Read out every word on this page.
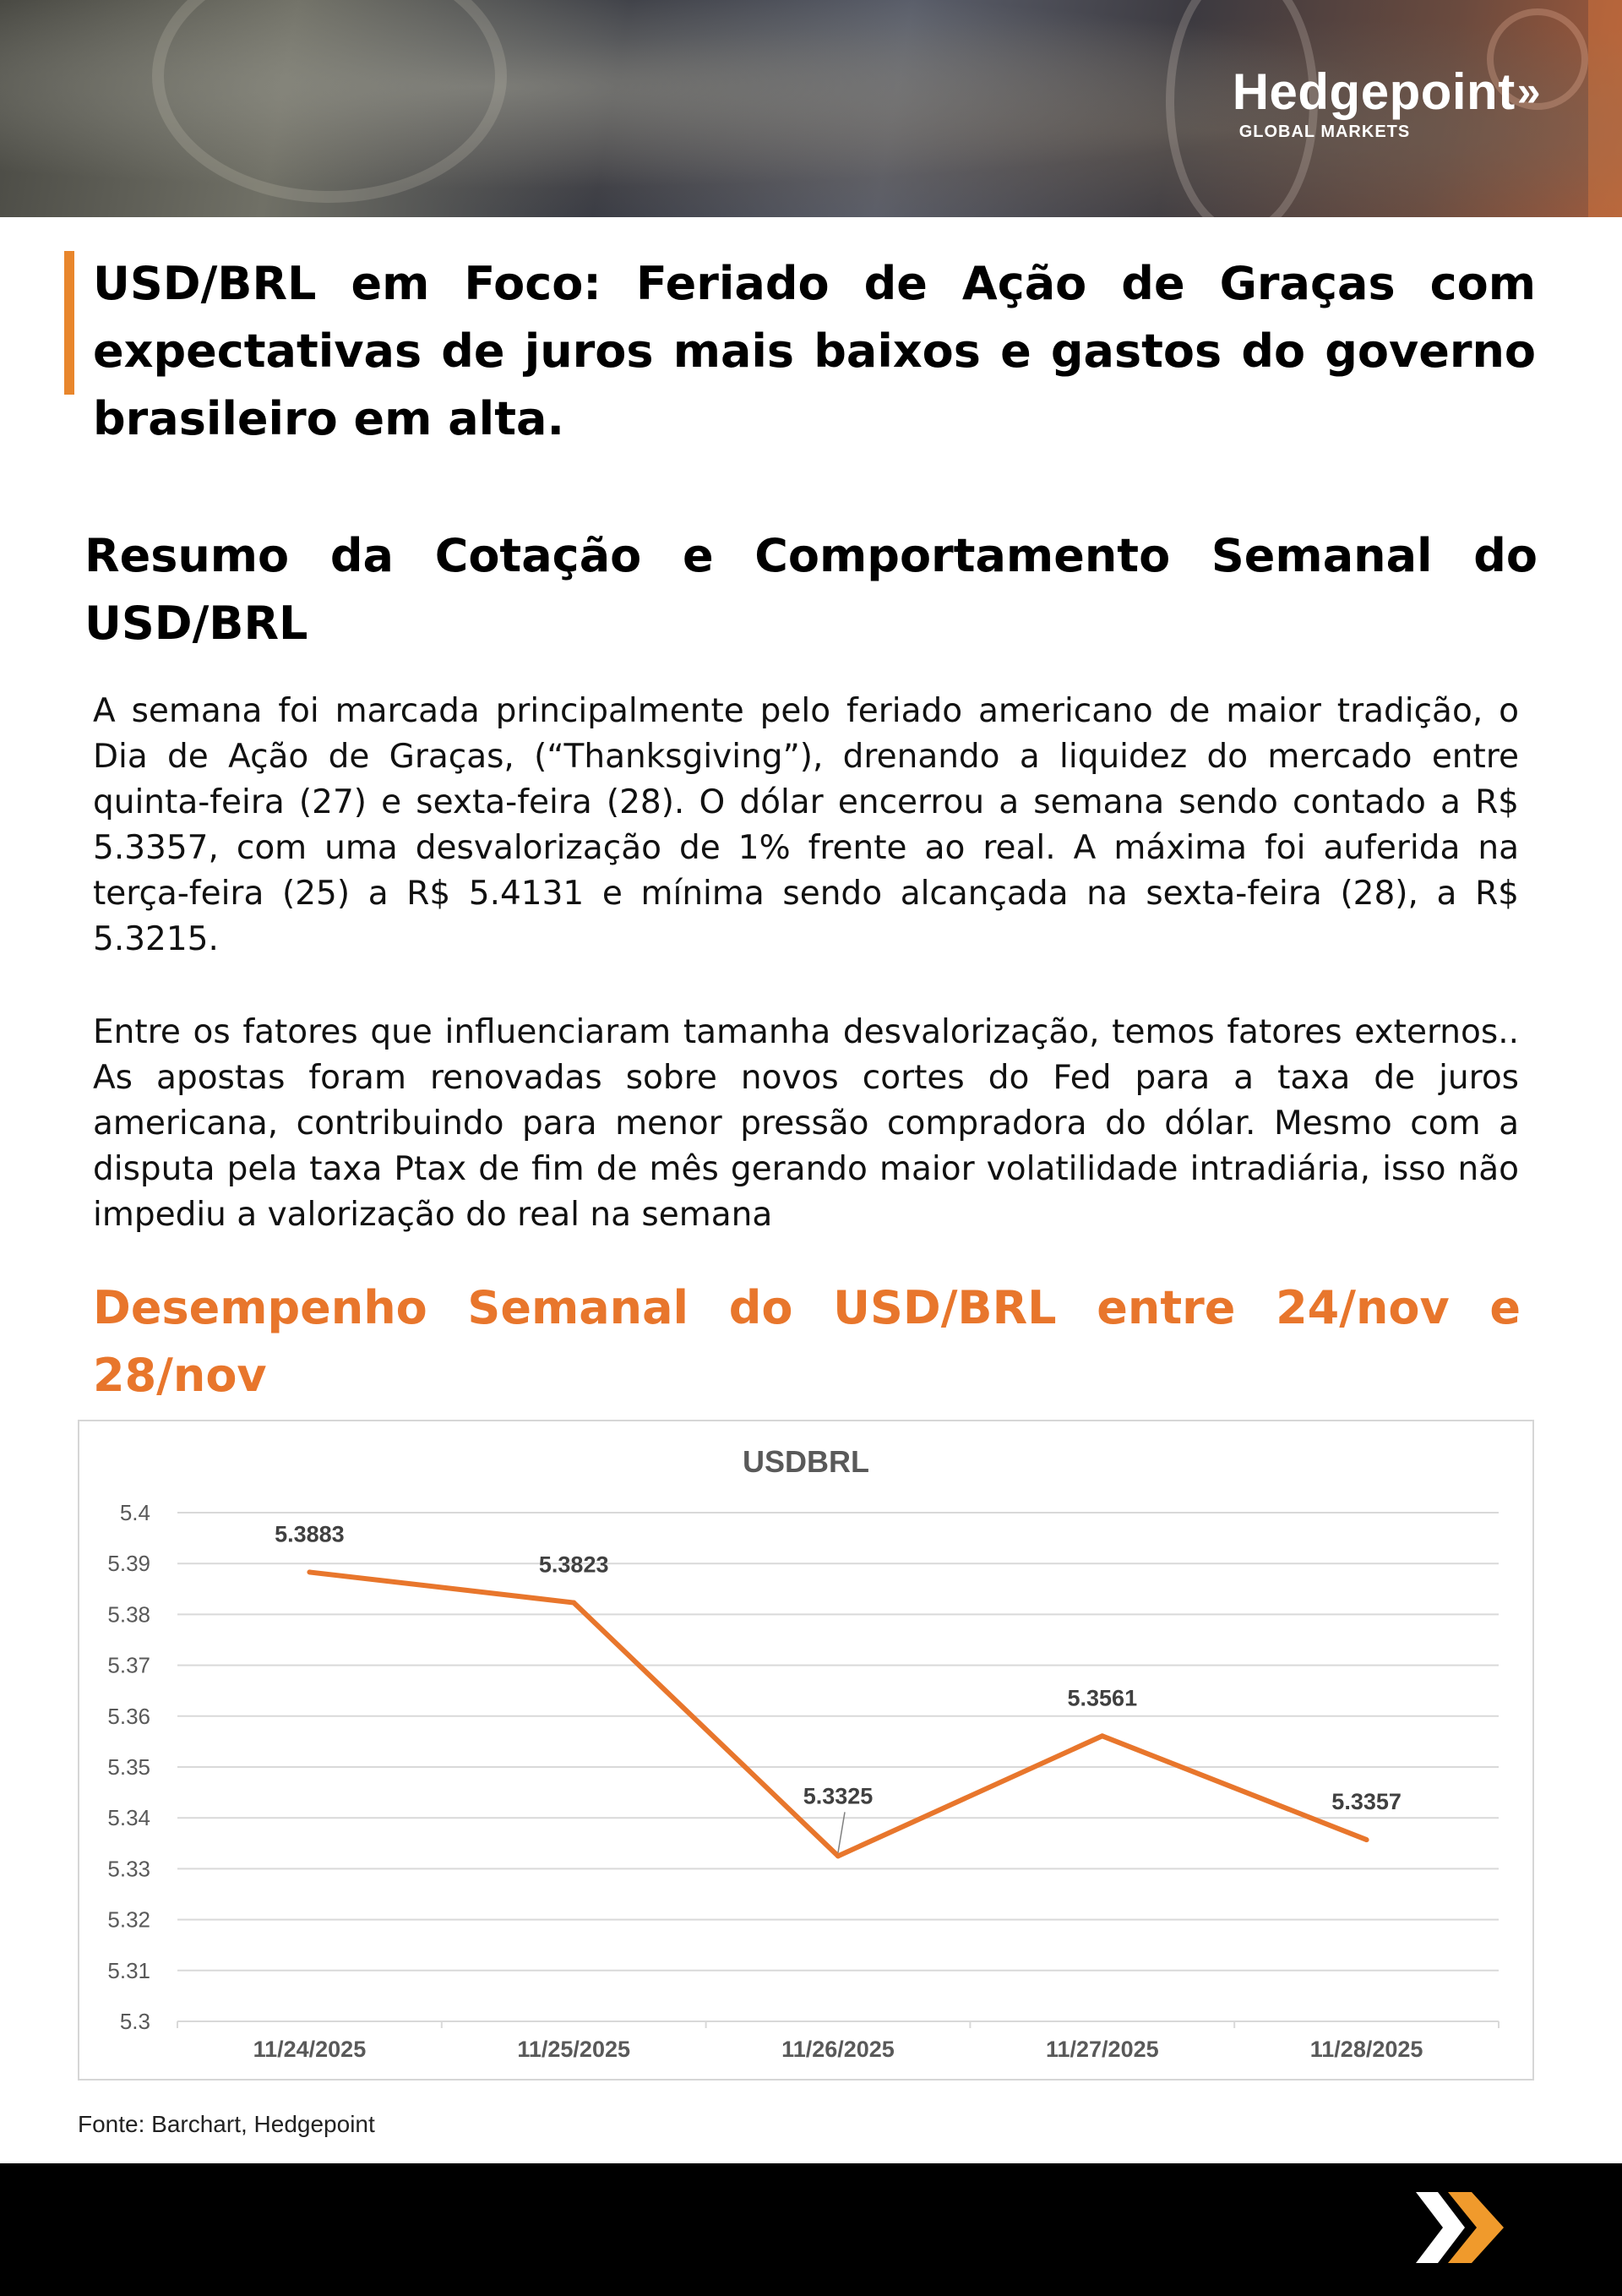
Hedgepoint»
GLOBAL MARKETS
USD/BRL em Foco: Feriado de Ação de Graças com expectativas de juros mais baixos e gastos do governo brasileiro em alta.
Resumo da Cotação e Comportamento Semanal do USD/BRL

A semana foi marcada principalmente pelo feriado americano de maior tradição, o Dia de Ação de Graças, (“Thanksgiving”), drenando a liquidez do mercado entre quinta-feira (27) e sexta-feira (28). O dólar encerrou a semana sendo contado a R$ 5.3357, com uma desvalorização de 1% frente ao real. A máxima foi auferida na terça-feira (25) a R$ 5.4131 e mínima sendo alcançada na sexta-feira (28), a R$ 5.3215.

Entre os fatores que influenciaram tamanha desvalorização, temos fatores externos.. As apostas foram renovadas sobre novos cortes do Fed para a taxa de juros americana, contribuindo para menor pressão compradora do dólar. Mesmo com a disputa pela taxa Ptax de fim de mês gerando maior volatilidade intradiária, isso não impediu a valorização do real na semana

Desempenho Semanal do USD/BRL entre 24/nov e 28/nov
USDBRL
5.4
5.39
5.38
5.37
5.36
5.35
5.34
5.33
5.32
5.31
5.3
11/24/2025	11/25/2025	11/26/2025	11/27/2025	11/28/2025
5.3883
5.3823
5.3325
5.3561
5.3357
Fonte: Barchart, Hedgepoint
